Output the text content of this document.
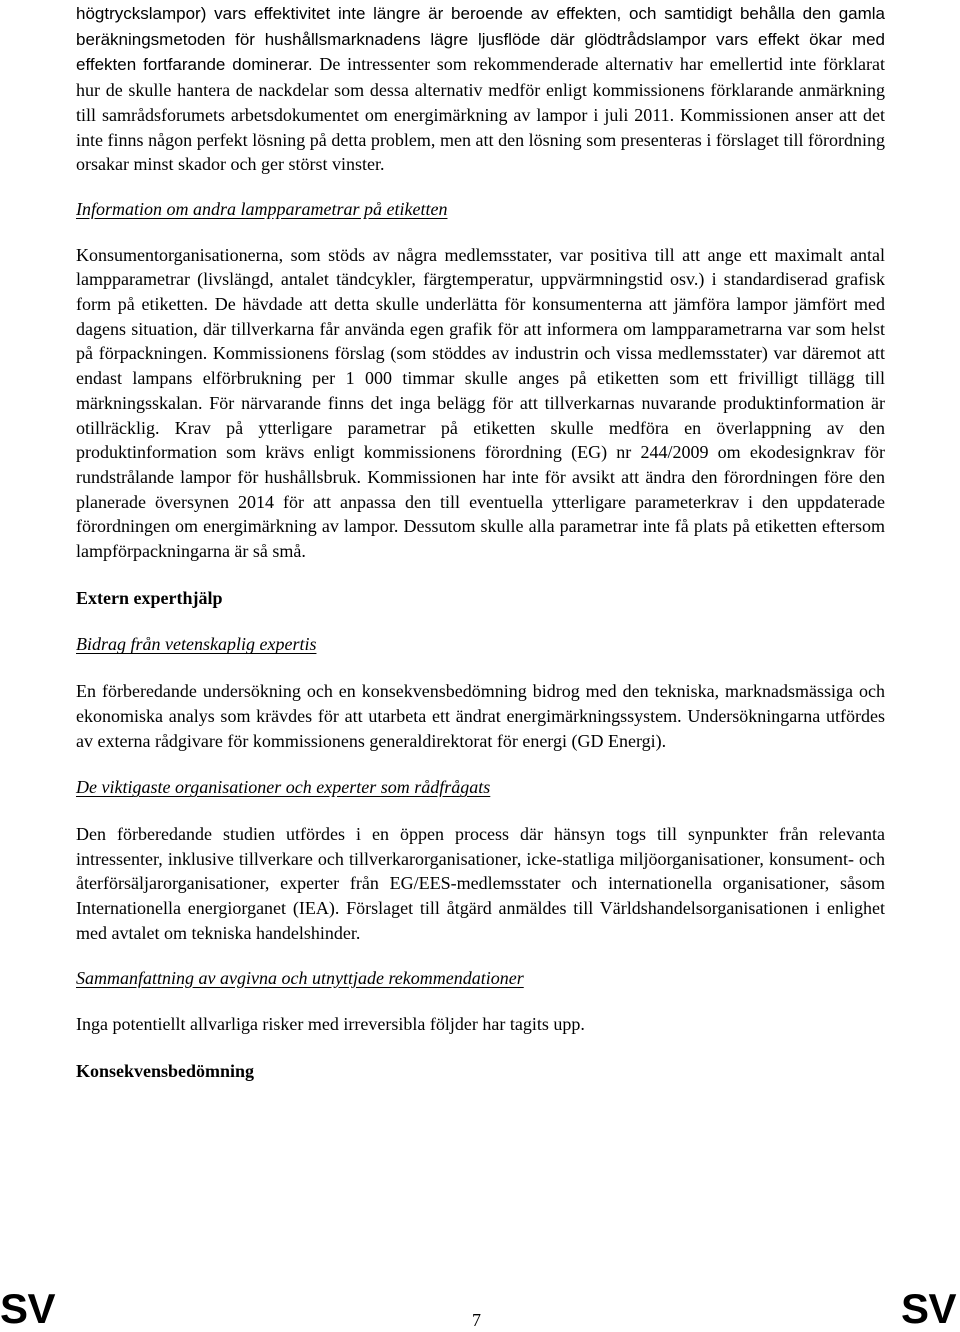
högtryckslampor) vars effektivitet inte längre är beroende av effekten, och samtidigt behålla den gamla beräkningsmetoden för hushållsmarknadens lägre ljusflöde där glödtrådslampor vars effekt ökar med effekten fortfarande dominerar. De intressenter som rekommenderade alternativ har emellertid inte förklarat hur de skulle hantera de nackdelar som dessa alternativ medför enligt kommissionens förklarande anmärkning till samrådsforumets arbetsdokumentet om energimärkning av lampor i juli 2011. Kommissionen anser att det inte finns någon perfekt lösning på detta problem, men att den lösning som presenteras i förslaget till förordning orsakar minst skador och ger störst vinster.

Information om andra lampparametrar på etiketten

Konsumentorganisationerna, som stöds av några medlemsstater, var positiva till att ange ett maximalt antal lampparametrar (livslängd, antalet tändcykler, färgtemperatur, uppvärmningstid osv.) i standardiserad grafisk form på etiketten. De hävdade att detta skulle underlätta för konsumenterna att jämföra lampor jämfört med dagens situation, där tillverkarna får använda egen grafik för att informera om lampparametrarna var som helst på förpackningen. Kommissionens förslag (som stöddes av industrin och vissa medlemsstater) var däremot att endast lampans elförbrukning per 1 000 timmar skulle anges på etiketten som ett frivilligt tillägg till märkningsskalan. För närvarande finns det inga belägg för att tillverkarnas nuvarande produktinformation är otillräcklig. Krav på ytterligare parametrar på etiketten skulle medföra en överlappning av den produktinformation som krävs enligt kommissionens förordning (EG) nr 244/2009 om ekodesignkrav för rundstrålande lampor för hushållsbruk. Kommissionen har inte för avsikt att ändra den förordningen före den planerade översynen 2014 för att anpassa den till eventuella ytterligare parameterkrav i den uppdaterade förordningen om energimärkning av lampor. Dessutom skulle alla parametrar inte få plats på etiketten eftersom lampförpackningarna är så små.

Extern experthjälp
Bidrag från vetenskaplig expertis

En förberedande undersökning och en konsekvensbedömning bidrog med den tekniska, marknadsmässiga och ekonomiska analys som krävdes för att utarbeta ett ändrat energimärkningssystem. Undersökningarna utfördes av externa rådgivare för kommissionens generaldirektorat för energi (GD Energi).

De viktigaste organisationer och experter som rådfrågats

Den förberedande studien utfördes i en öppen process där hänsyn togs till synpunkter från relevanta intressenter, inklusive tillverkare och tillverkarorganisationer, icke-statliga miljöorganisationer, konsument- och återförsäljarorganisationer, experter från EG/EES-medlemsstater och internationella organisationer, såsom Internationella energiorganet (IEA). Förslaget till åtgärd anmäldes till Världshandelsorganisationen i enlighet med avtalet om tekniska handelshinder.

Sammanfattning av avgivna och utnyttjade rekommendationer

Inga potentiellt allvarliga risker med irreversibla följder har tagits upp.

Konsekvensbedömning
SV	7	SV
